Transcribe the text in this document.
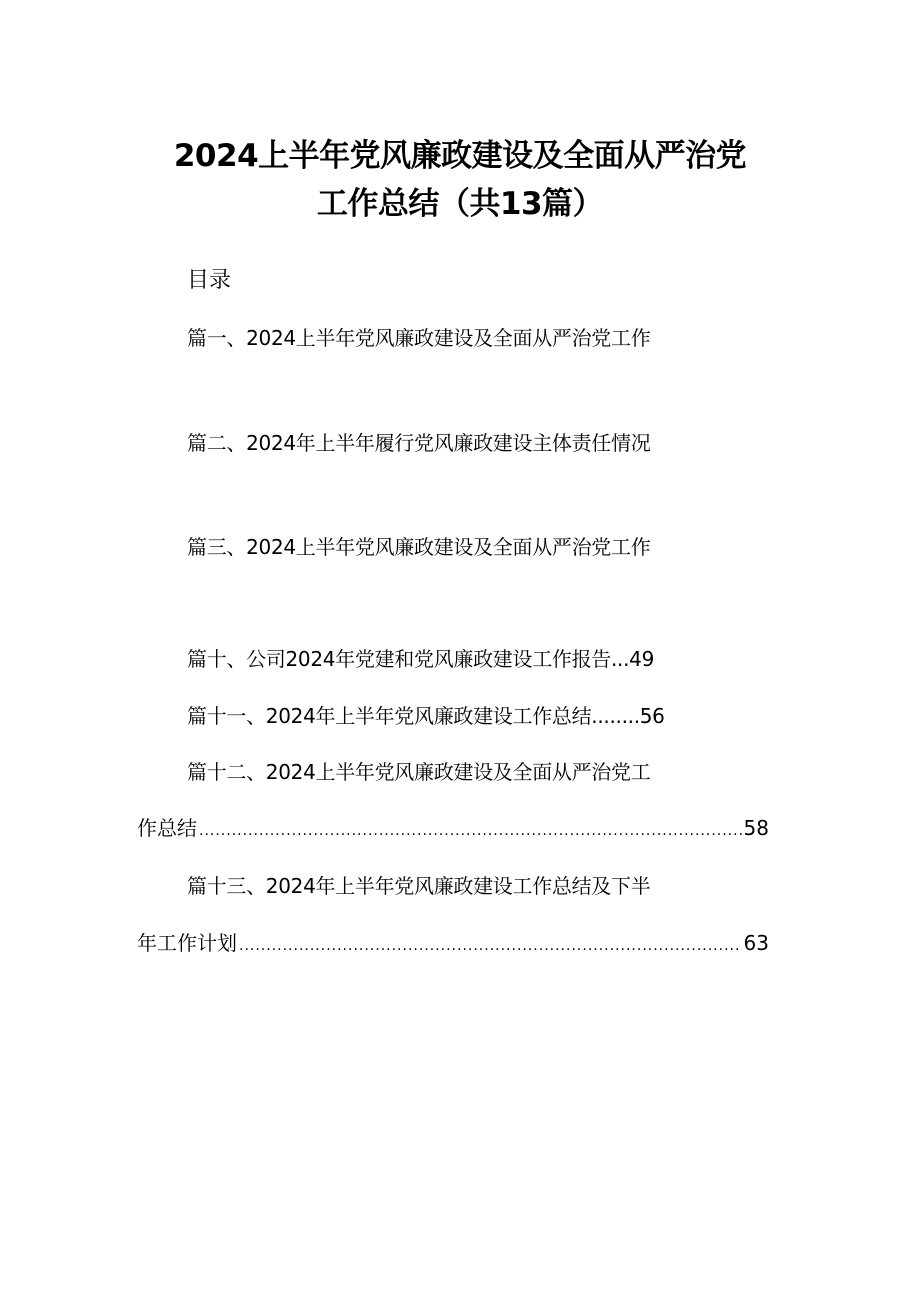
2024上半年党风廉政建设及全面从严治党
工作总结（共13篇）
目录
篇一、2024上半年党风廉政建设及全面从严治党工作
篇二、2024年上半年履行党风廉政建设主体责任情况
篇三、2024上半年党风廉政建设及全面从严治党工作
篇十、公司2024年党建和党风廉政建设工作报告...49
篇十一、2024年上半年党风廉政建设工作总结........56
篇十二、2024上半年党风廉政建设及全面从严治党工
作总结 .....	58
篇十三、2024年上半年党风廉政建设工作总结及下半
年工作计划 .....	63
